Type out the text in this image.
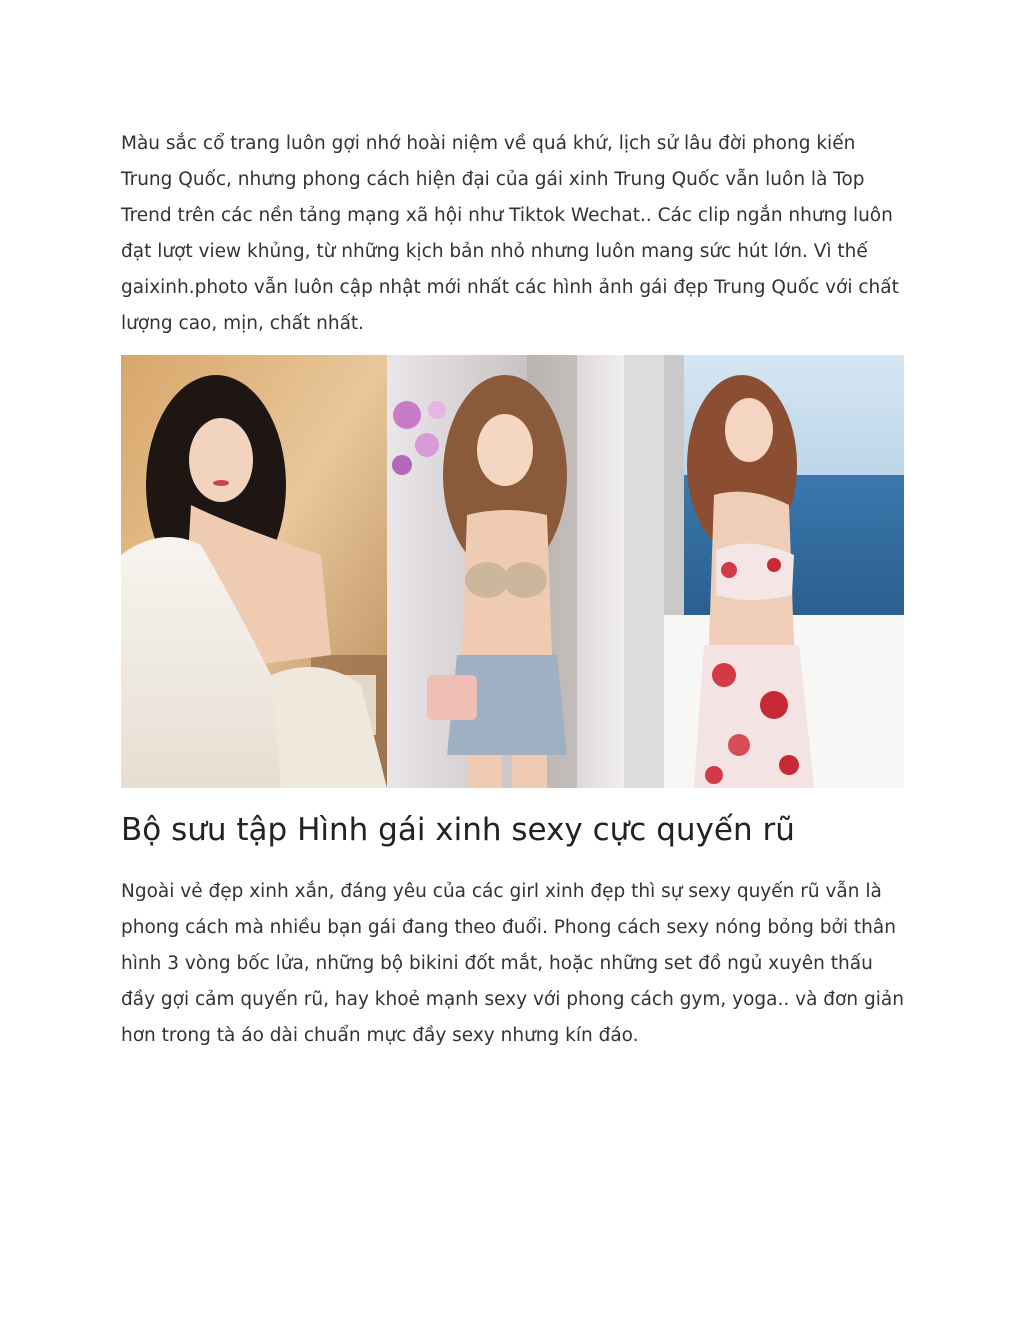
Màu sắc cổ trang luôn gợi nhớ hoài niệm về quá khứ, lịch sử lâu đời phong kiến Trung Quốc, nhưng phong cách hiện đại của gái xinh Trung Quốc vẫn luôn là Top Trend trên các nền tảng mạng xã hội như Tiktok Wechat.. Các clip ngắn nhưng luôn đạt lượt view khủng, từ những kịch bản nhỏ nhưng luôn mang sức hút lớn. Vì thế gaixinh.photo vẫn luôn cập nhật mới nhất các hình ảnh gái đẹp Trung Quốc với chất lượng cao, mịn, chất nhất.

.
Bộ sưu tập Hình gái xinh sexy cực quyến rũ

Ngoài vẻ đẹp xinh xắn, đáng yêu của các girl xinh đẹp thì sự sexy quyến rũ vẫn là phong cách mà nhiều bạn gái đang theo đuổi. Phong cách sexy nóng bỏng bởi thân hình 3 vòng bốc lửa, những bộ bikini đốt mắt, hoặc những set đồ ngủ xuyên thấu đầy gợi cảm quyến rũ, hay khoẻ mạnh sexy với phong cách gym, yoga.. và đơn giản hơn trong tà áo dài chuẩn mực đầy sexy nhưng kín đáo.
